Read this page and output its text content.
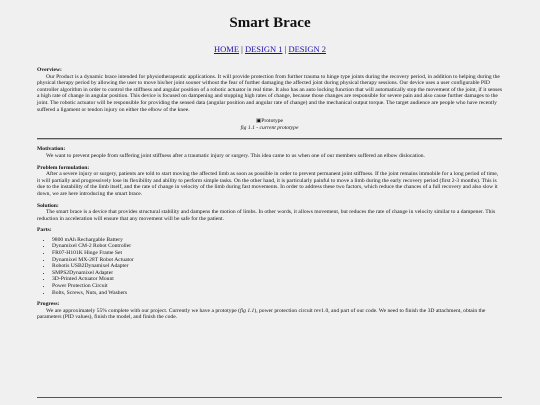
Smart Brace
HOME | DESIGN 1 | DESIGN 2
Overview:
Our Product is a dynamic brace intended for physiotherapeutic applications. It will provide protection from further trauma to hinge type joints during the recovery period, in addition to helping during the physical therapy period by allowing the user to move his/her joint sooner without the fear of further damaging the affected joint during physical therapy sessions. Our device uses a user configurable PID controller algorithm in order to control the stiffness and angular position of a robotic actuator in real time. It also has an auto locking function that will automatically stop the movement of the joint, if it senses a high rate of change in angular position. This device is focused on dampening and stopping high rates of change, because those changes are responsible for severe pain and also cause further damages to the joint. The robotic actuator will be responsible for providing the sensed data (angular position and angular rate of change) and the mechanical output torque. The target audience are people who have recently suffered a ligament or tendon injury on either the elbow of the knee.
▣Prototype
fig 1.1 - current prototype
Motivation:
We want to prevent people from suffering joint stiffness after a traumatic injury or surgery. This idea came to us when one of our members suffered an elbow dislocation.
Problem formulation:
After a severe injury or surgery, patients are told to start moving the affected limb as soon as possible in order to prevent permanent joint stiffness. If the joint remains immobile for a long period of time, it will partially and progressively lose its flexibility and ability to perform simple tasks. On the other hand, it is particularly painful to move a limb during the early recovery period (first 2-3 months). This is due to the instability of the limb itself, and the rate of change in velocity of the limb during fast movements. In order to address these two factors, which reduce the chances of a full recovery and also slow it down, we are here introducing the smart brace.
Solution:
The smart brace is a device that provides structural stability and dampens the motion of limbs. In other words, it allows movement, but reduces the rate of change in velocity similar to a dampener. This reduction in acceleration will ensure that any movement will be safe for the patient.
Parts:
• 9800 mAh Rechargable Battery
• Dynamixel CM-2 Robot Controller
• FR07-H101K Hinge Frame Set
• Dynamixel MX-28T Robot Actuator
• Robotis USB2Dynamixel Adapter
• SMPS2Dynamixel Adapter
• 3D-Printed Actuator Mount
• Power Protection Circuit
• Bolts, Screws, Nuts, and Washers
Progress:
We are approximately 55% complete with our project. Currently we have a prototype (fig 1.1), power protection circuit rev1.0, and part of our code. We need to finish the 3D attachment, obtain the parameters (PID values), finish the model, and finish the code.
